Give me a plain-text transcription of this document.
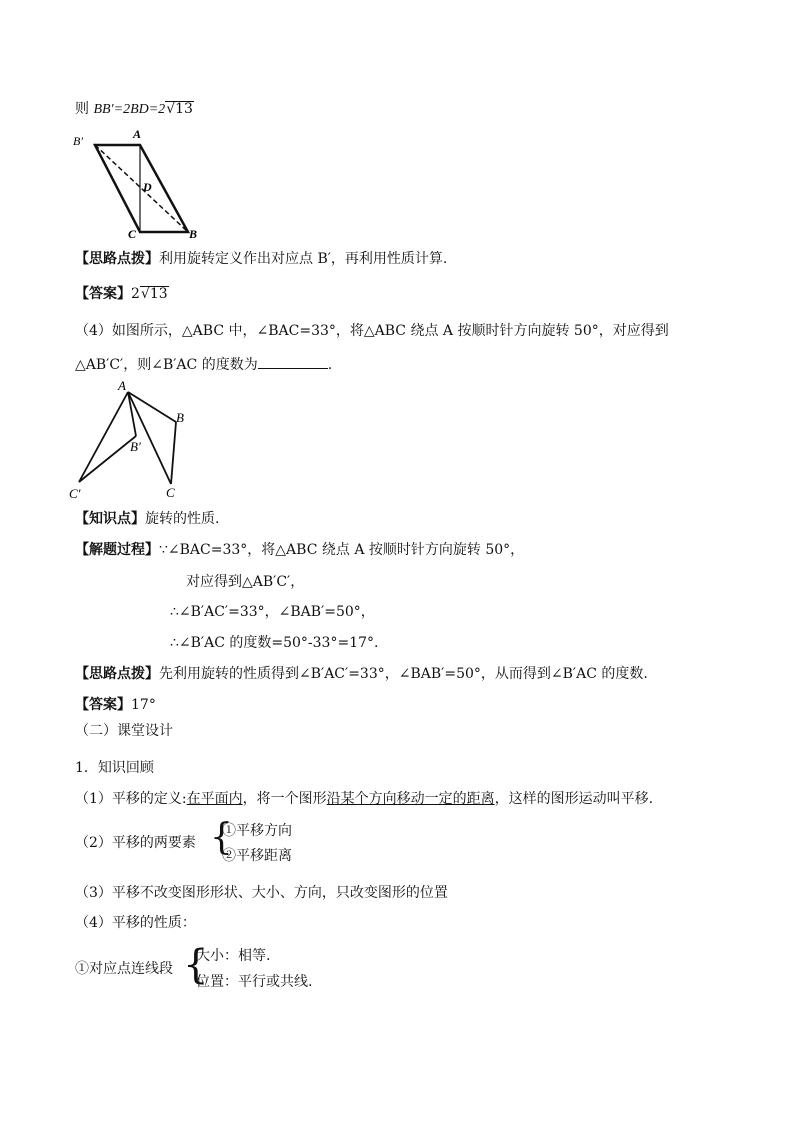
则 BB′=2BD=2√13
B′	A
D
C	B
【思路点拨】利用旋转定义作出对应点 B′，再利用性质计算.
【答案】2√13
（4）如图所示，△ABC 中，∠BAC=33°，将△ABC 绕点 A 按顺时针方向旋转 50°，对应得到
△AB′C′，则∠B′AC 的度数为	.
A
B
B′
C′	C
【知识点】旋转的性质.
【解题过程】∵∠BAC=33°，将△ABC 绕点 A 按顺时针方向旋转 50°，
对应得到△AB′C′，
∴∠B′AC′=33°，∠BAB′=50°，
∴∠B′AC 的度数=50°-33°=17°.
【思路点拨】先利用旋转的性质得到∠B′AC′=33°，∠BAB′=50°，从而得到∠B′AC 的度数.
【答案】17°
（二）课堂设计
1．知识回顾
（1）平移的定义:在平面内，将一个图形沿某个方向移动一定的距离，这样的图形运动叫平移.
（2）平移的两要素 {
①平移方向
②平移距离
（3）平移不改变图形形状、大小、方向，只改变图形的位置
（4）平移的性质：
①对应点连线段 {
大小：相等.
位置：平行或共线.
